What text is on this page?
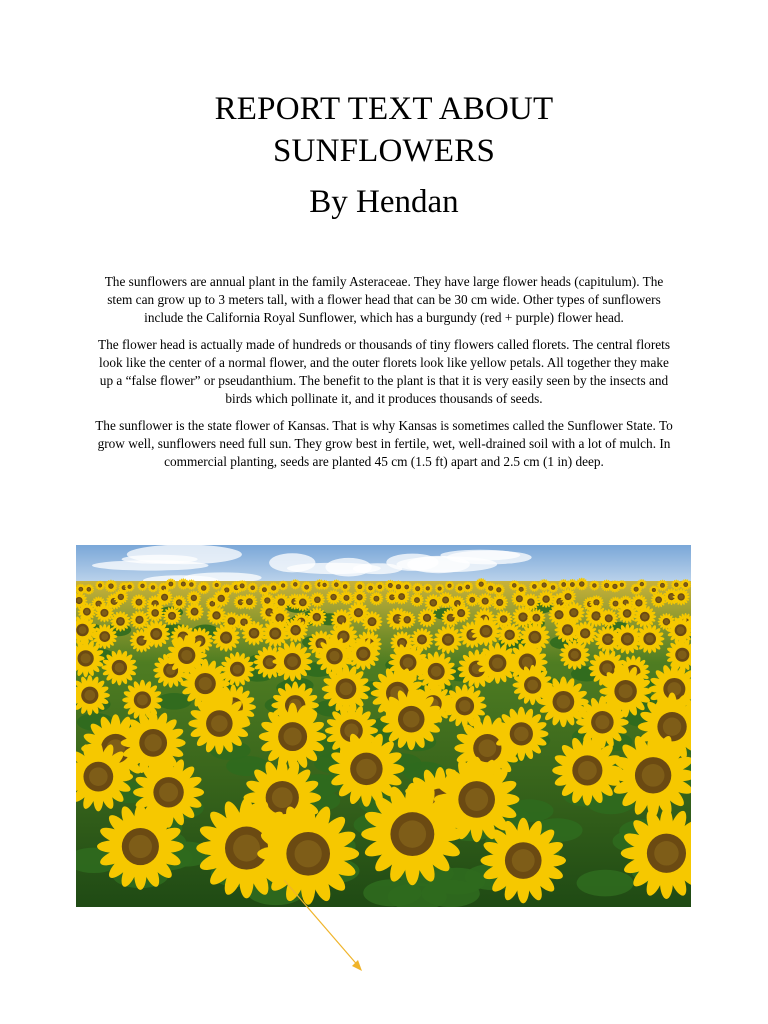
REPORT TEXT ABOUT
SUNFLOWERS
By Hendan

The sunflowers are annual plant in the family Asteraceae. They have large flower heads (capitulum). The stem can grow up to 3 meters tall, with a flower head that can be 30 cm wide. Other types of sunflowers include the California Royal Sunflower, which has a burgundy (red + purple) flower head.

The flower head is actually made of hundreds or thousands of tiny flowers called florets. The central florets look like the center of a normal flower, and the outer florets look like yellow petals. All together they make up a “false flower” or pseudanthium. The benefit to the plant is that it is very easily seen by the insects and birds which pollinate it, and it produces thousands of seeds.

The sunflower is the state flower of Kansas. That is why Kansas is sometimes called the Sunflower State. To grow well, sunflowers need full sun. They grow best in fertile, wet, well-drained soil with a lot of mulch. In commercial planting, seeds are planted 45 cm (1.5 ft) apart and 2.5 cm (1 in) deep.
